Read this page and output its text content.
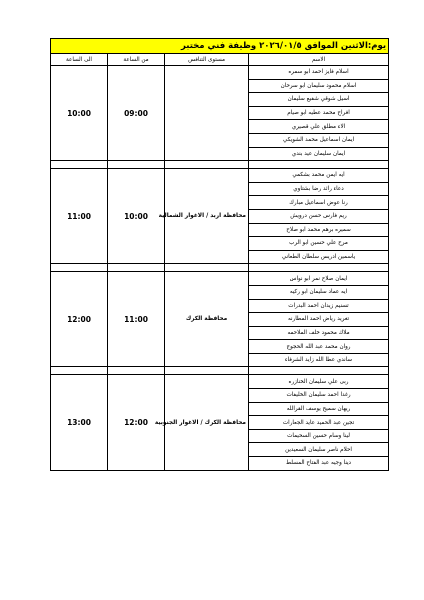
يوم:الاثنين الموافق ٢٠٢٦/٠١/٥ وظيفة فني مختبر			
الاسم	مستوى التنافس	من الساعة	الى الساعة
اسلام فايز احمد ابو سمره		09:00	10:00
اسلام محمود سليمان ابو سرحان			
اسيل شوقي شفيع سليمان			
افراح محمد عطيه ابو صيام			
الاء مطلق علي قصيري			
ايمان اسماعيل محمد الشويكي			
ايمان سليمان عيد بندي			

ايه ايمن محمد بشكمي	محافظة اربد / الاغوار الشمالية	10:00	11:00
دعاء رائد رضا بشتاوي			
رنا عوض اسماعيل مبارك			
ريم فارس حسن درويش			
سميره برهم محمد ابو صلاح			
مرح علي حسين ابو الرب			
ياسمين ادريس سلطان الطعاني			

ايمان صلاح نمر ابو نواس	محافظة الكرك	11:00	12:00
ايه عماد سليمان ابو ركيه			
تسنيم زيدان احمد البدرات			
تغريد رياض احمد المطارنه			
ملاك محمود خلف الملاحمه			
روان محمد عبد الله الحجوج			
ساندي عطا الله زايد الشرفاء			

ربى علي سليمان الخنازره	محافظة الكرك / الاغوار الجنوبية	12:00	13:00
رغدا احمد سليمان الخليفات			
ريهان سميح يوسف القرالله			
تجين عبد الحميد عايد الجعارات			
لينا وسام حسين السحيمات			
احلام ناصر سليمان السعيدين			
دينا وجيه عبد الفتاح المسلط			
